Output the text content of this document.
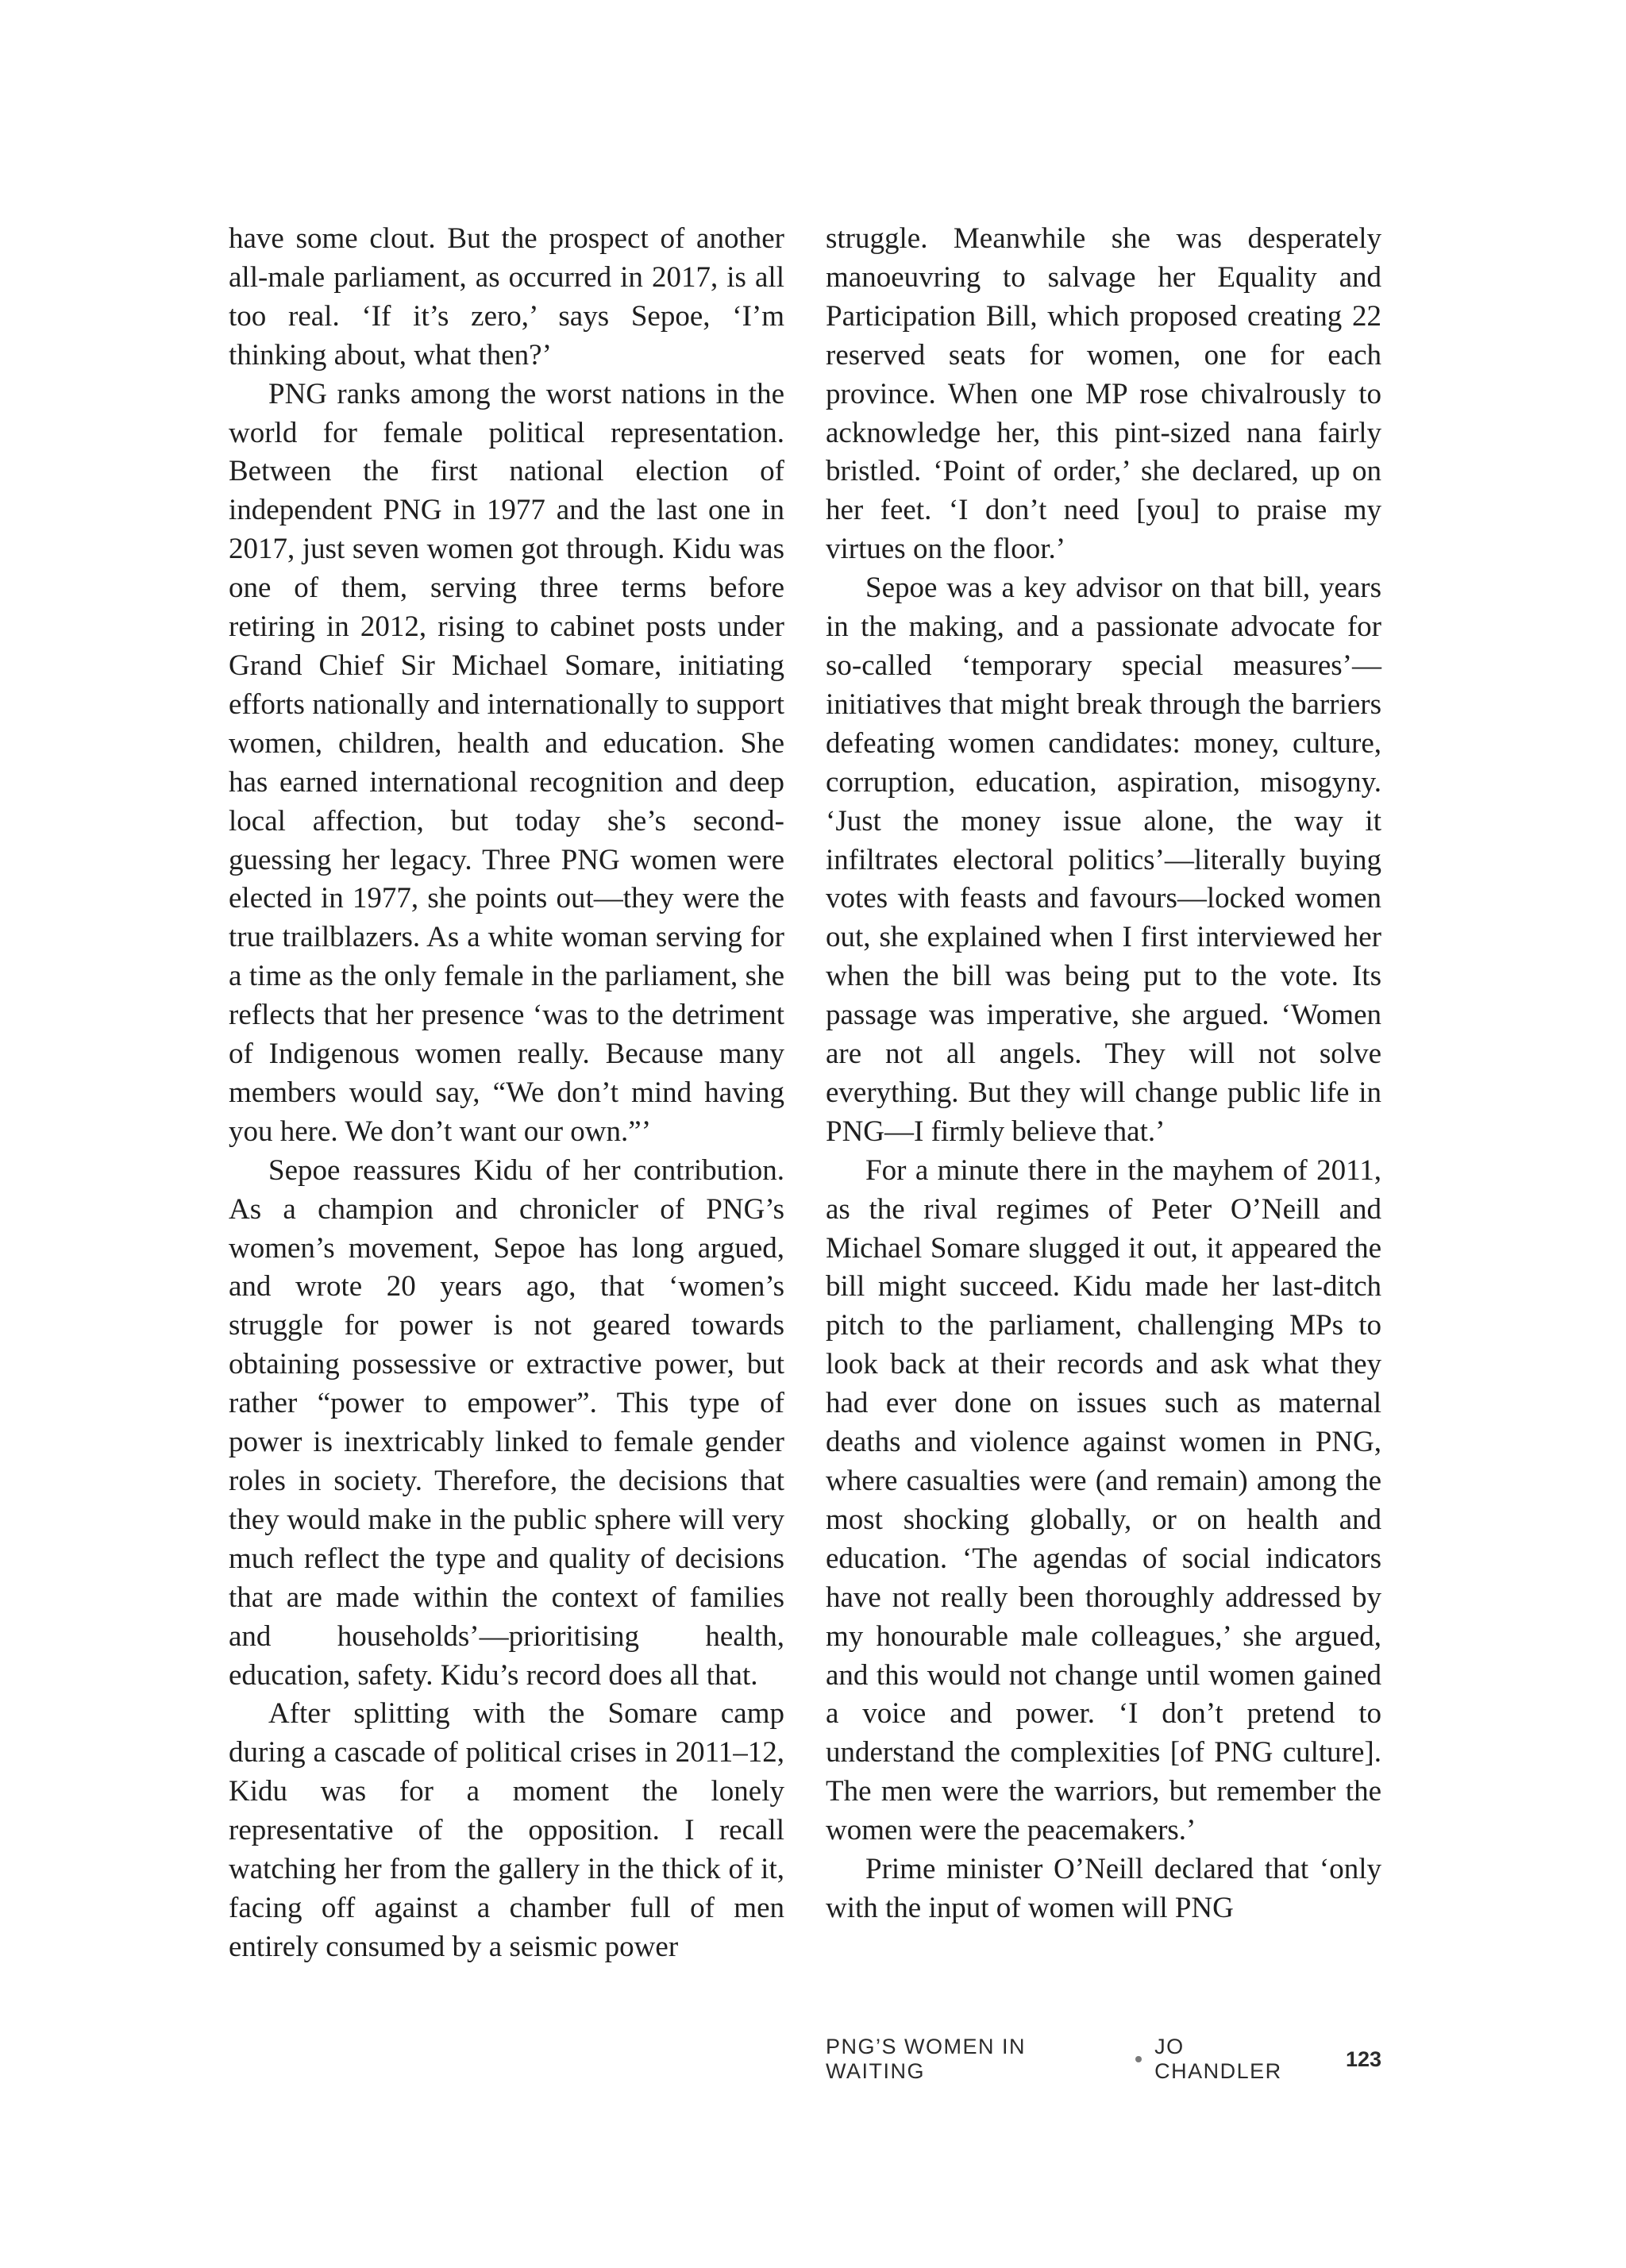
have some clout. But the prospect of another all-male parliament, as occurred in 2017, is all too real. ‘If it’s zero,’ says Sepoe, ‘I’m thinking about, what then?’

PNG ranks among the worst nations in the world for female political representation. Between the first national election of independent PNG in 1977 and the last one in 2017, just seven women got through. Kidu was one of them, serving three terms before retiring in 2012, rising to cabinet posts under Grand Chief Sir Michael Somare, initiating efforts nationally and internationally to support women, children, health and education. She has earned international recognition and deep local affection, but today she’s second-guessing her legacy. Three PNG women were elected in 1977, she points out—they were the true trailblazers. As a white woman serving for a time as the only female in the parliament, she reflects that her presence ‘was to the detriment of Indigenous women really. Because many members would say, “We don’t mind having you here. We don’t want our own.”’

Sepoe reassures Kidu of her contribution. As a champion and chronicler of PNG’s women’s movement, Sepoe has long argued, and wrote 20 years ago, that ‘women’s struggle for power is not geared towards obtaining possessive or extractive power, but rather “power to empower”. This type of power is inextricably linked to female gender roles in society. Therefore, the decisions that they would make in the public sphere will very much reflect the type and quality of decisions that are made within the context of families and households’—prioritising health, education, safety. Kidu’s record does all that.

After splitting with the Somare camp during a cascade of political crises in 2011–12, Kidu was for a moment the lonely representative of the opposition. I recall watching her from the gallery in the thick of it, facing off against a chamber full of men entirely consumed by a seismic power

struggle. Meanwhile she was desperately manoeuvring to salvage her Equality and Participation Bill, which proposed creating 22 reserved seats for women, one for each province. When one MP rose chivalrously to acknowledge her, this pint-sized nana fairly bristled. ‘Point of order,’ she declared, up on her feet. ‘I don’t need [you] to praise my virtues on the floor.’

Sepoe was a key advisor on that bill, years in the making, and a passionate advocate for so-called ‘temporary special measures’—initiatives that might break through the barriers defeating women candidates: money, culture, corruption, education, aspiration, misogyny. ‘Just the money issue alone, the way it infiltrates electoral politics’—literally buying votes with feasts and favours—locked women out, she explained when I first interviewed her when the bill was being put to the vote. Its passage was imperative, she argued. ‘Women are not all angels. They will not solve everything. But they will change public life in PNG—I firmly believe that.’

For a minute there in the mayhem of 2011, as the rival regimes of Peter O’Neill and Michael Somare slugged it out, it appeared the bill might succeed. Kidu made her last-ditch pitch to the parliament, challenging MPs to look back at their records and ask what they had ever done on issues such as maternal deaths and violence against women in PNG, where casualties were (and remain) among the most shocking globally, or on health and education. ‘The agendas of social indicators have not really been thoroughly addressed by my honourable male colleagues,’ she argued, and this would not change until women gained a voice and power. ‘I don’t pretend to understand the complexities [of PNG culture]. The men were the warriors, but remember the women were the peacemakers.’

Prime minister O’Neill declared that ‘only with the input of women will PNG

PNG’S WOMEN IN WAITING
JO CHANDLER
123
